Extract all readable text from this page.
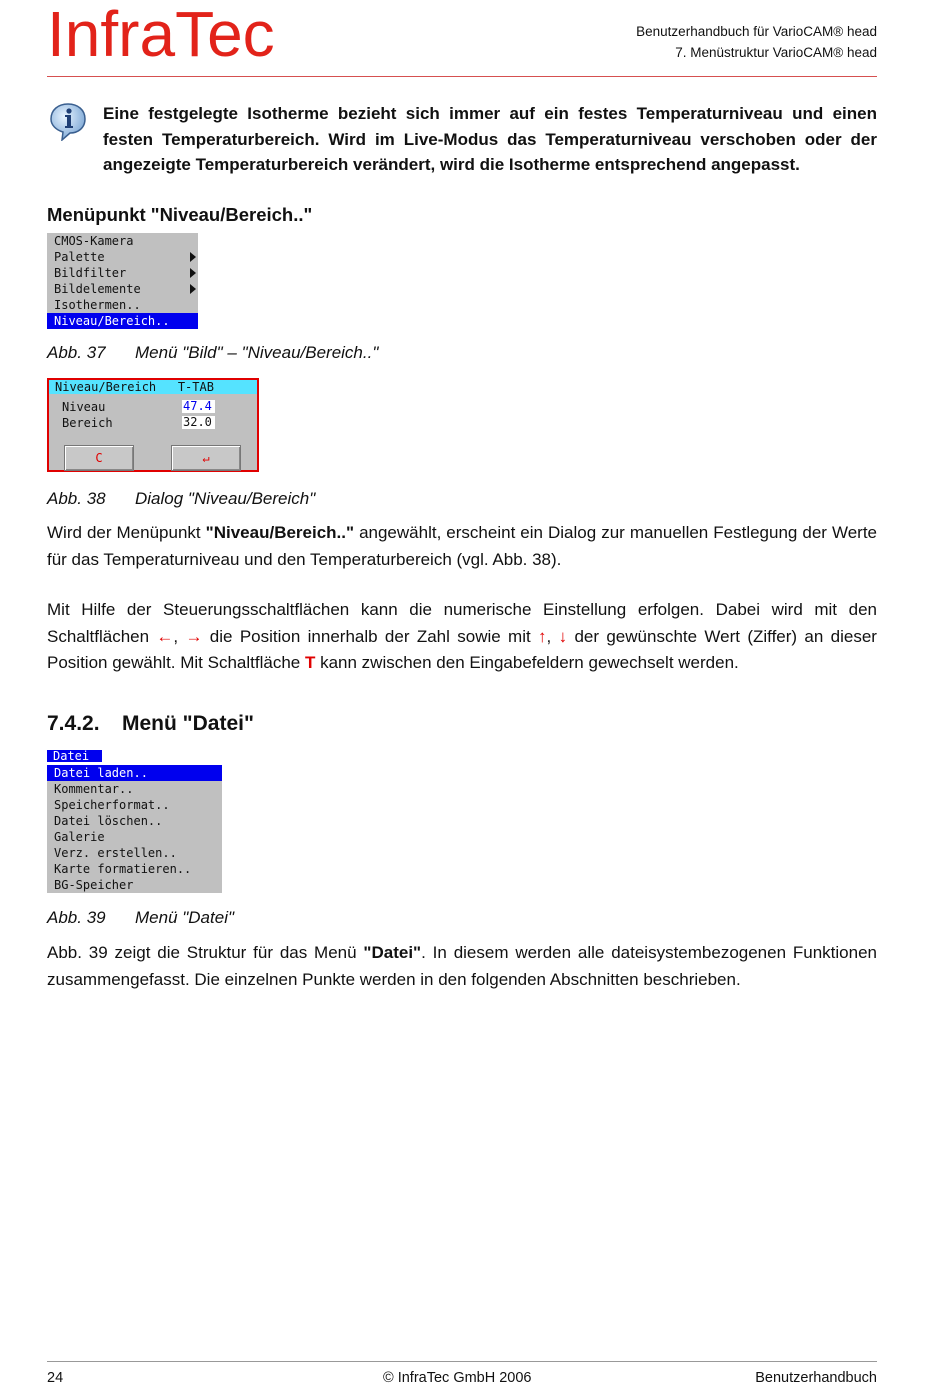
InfraTec	Benutzerhandbuch für VarioCAM® head
7. Menüstruktur VarioCAM® head
Eine festgelegte Isotherme bezieht sich immer auf ein festes Temperaturniveau und einen festen Temperaturbereich. Wird im Live-Modus das Temperaturniveau verschoben oder der angezeigte Temperaturbereich verändert, wird die Isotherme entsprechend angepasst.
Menüpunkt "Niveau/Bereich.."
CMOS-Kamera
Palette
Bildfilter
Bildelemente
Isothermen..
Niveau/Bereich..
Abb. 37 Menü "Bild" – "Niveau/Bereich.."
Niveau/Bereich   T-TAB
Niveau	47.4
Bereich	32.0
C	↵
Abb. 38 Dialog "Niveau/Bereich"
Wird der Menüpunkt "Niveau/Bereich.." angewählt, erscheint ein Dialog zur manuellen Festlegung der Werte für das Temperaturniveau und den Temperaturbereich (vgl. Abb. 38).
Mit Hilfe der Steuerungsschaltflächen kann die numerische Einstellung erfolgen. Dabei wird mit den Schaltflächen ←, → die Position innerhalb der Zahl sowie mit ↑, ↓ der gewünschte Wert (Ziffer) an dieser Position gewählt. Mit Schaltfläche T kann zwischen den Eingabefeldern gewechselt werden.
7.4.2. Menü "Datei"
Datei
Datei laden..
Kommentar..
Speicherformat..
Datei löschen..
Galerie
Verz. erstellen..
Karte formatieren..
BG-Speicher
Abb. 39 Menü "Datei"
Abb. 39 zeigt die Struktur für das Menü "Datei". In diesem werden alle dateisystembezogenen Funktionen zusammengefasst. Die einzelnen Punkte werden in den folgenden Abschnitten beschrieben.
24	© InfraTec GmbH 2006	Benutzerhandbuch
